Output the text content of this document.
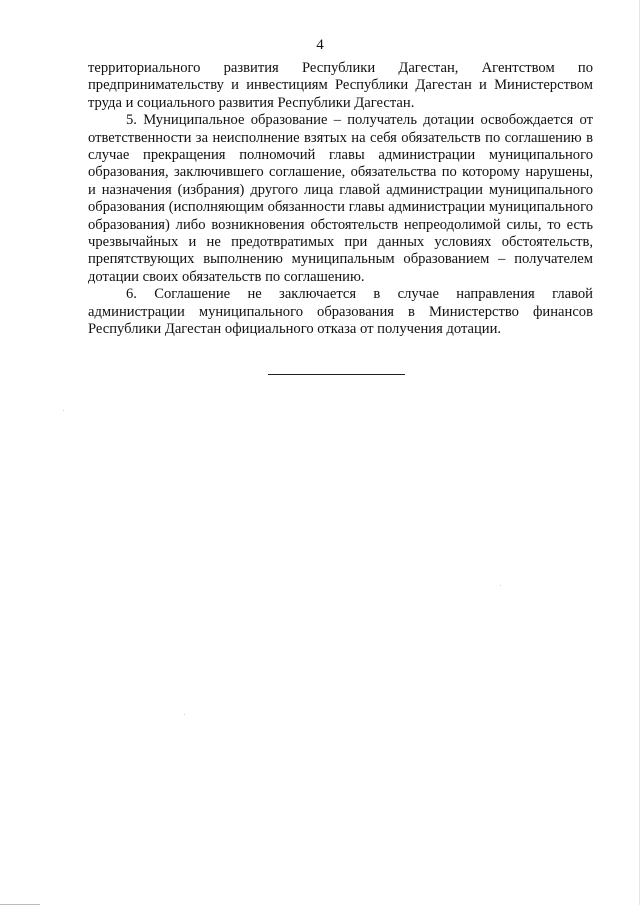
4

территориального развития Республики Дагестан, Агентством по предпринимательству и инвестициям Республики Дагестан и Министерством труда и социального развития Республики Дагестан.

5. Муниципальное образование – получатель дотации освобождается от ответственности за неисполнение взятых на себя обязательств по соглашению в случае прекращения полномочий главы администрации муниципального образования, заключившего соглашение, обязательства по которому нарушены, и назначения (избрания) другого лица главой администрации муниципального образования (исполняющим обязанности главы администрации муниципального образования) либо возникновения обстоятельств непреодолимой силы, то есть чрезвычайных и не предотвратимых при данных условиях обстоятельств, препятствующих выполнению муниципальным образованием – получателем дотации своих обязательств по соглашению.

6. Соглашение не заключается в случае направления главой администрации муниципального образования в Министерство финансов Республики Дагестан официального отказа от получения дотации.
